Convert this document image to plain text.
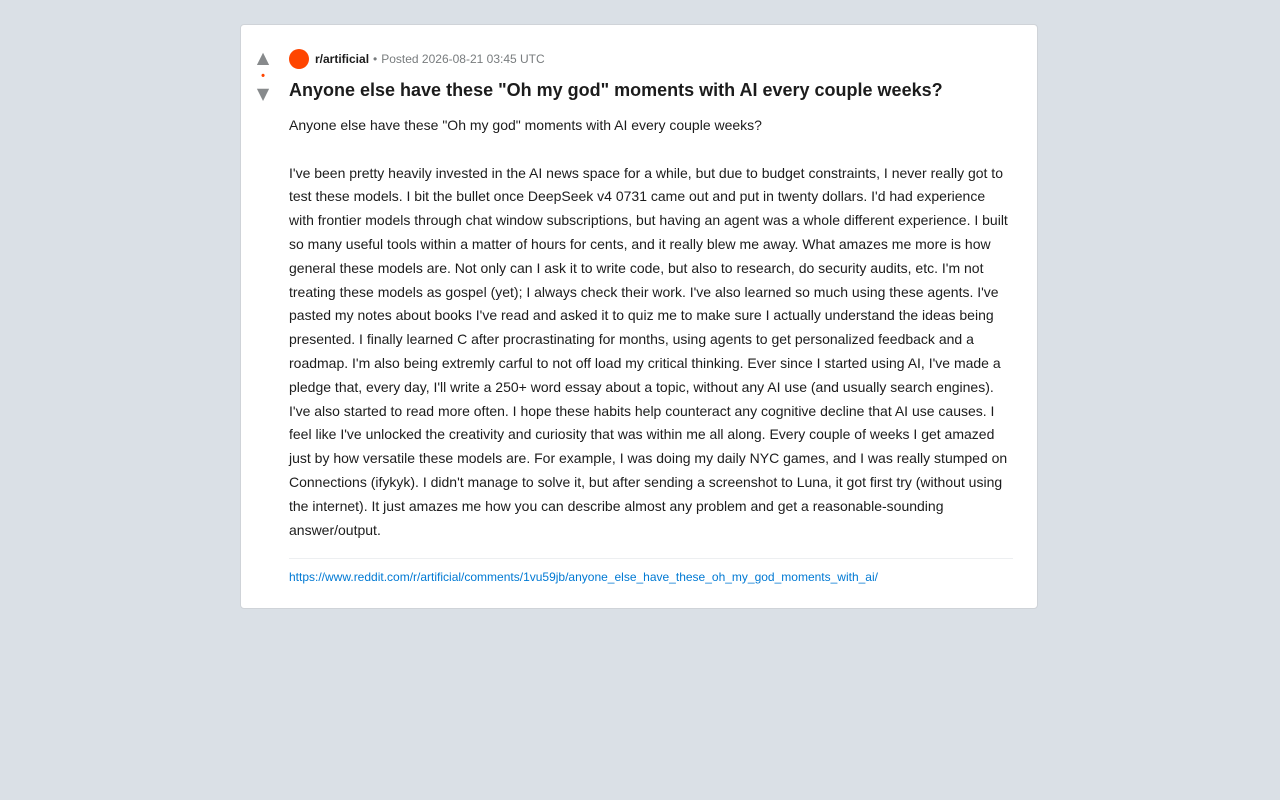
▲
•
▼
r/artificial • Posted 2026-08-21 03:45 UTC
Anyone else have these "Oh my god" moments with AI every couple weeks?
Anyone else have these "Oh my god" moments with AI every couple weeks?

I've been pretty heavily invested in the AI news space for a while, but due to budget constraints, I never really got to test these models. I bit the bullet once DeepSeek v4 0731 came out and put in twenty dollars. I'd had experience with frontier models through chat window subscriptions, but having an agent was a whole different experience. I built so many useful tools within a matter of hours for cents, and it really blew me away. What amazes me more is how general these models are. Not only can I ask it to write code, but also to research, do security audits, etc. I'm not treating these models as gospel (yet); I always check their work. I've also learned so much using these agents. I've pasted my notes about books I've read and asked it to quiz me to make sure I actually understand the ideas being presented. I finally learned C after procrastinating for months, using agents to get personalized feedback and a roadmap. I'm also being extremly carful to not off load my critical thinking. Ever since I started using AI, I've made a pledge that, every day, I'll write a 250+ word essay about a topic, without any AI use (and usually search engines). I've also started to read more often. I hope these habits help counteract any cognitive decline that AI use causes. I feel like I've unlocked the creativity and curiosity that was within me all along. Every couple of weeks I get amazed just by how versatile these models are. For example, I was doing my daily NYC games, and I was really stumped on Connections (ifykyk). I didn't manage to solve it, but after sending a screenshot to Luna, it got first try (without using the internet). It just amazes me how you can describe almost any problem and get a reasonable-sounding answer/output.
https://www.reddit.com/r/artificial/comments/1vu59jb/anyone_else_have_these_oh_my_god_moments_with_ai/
